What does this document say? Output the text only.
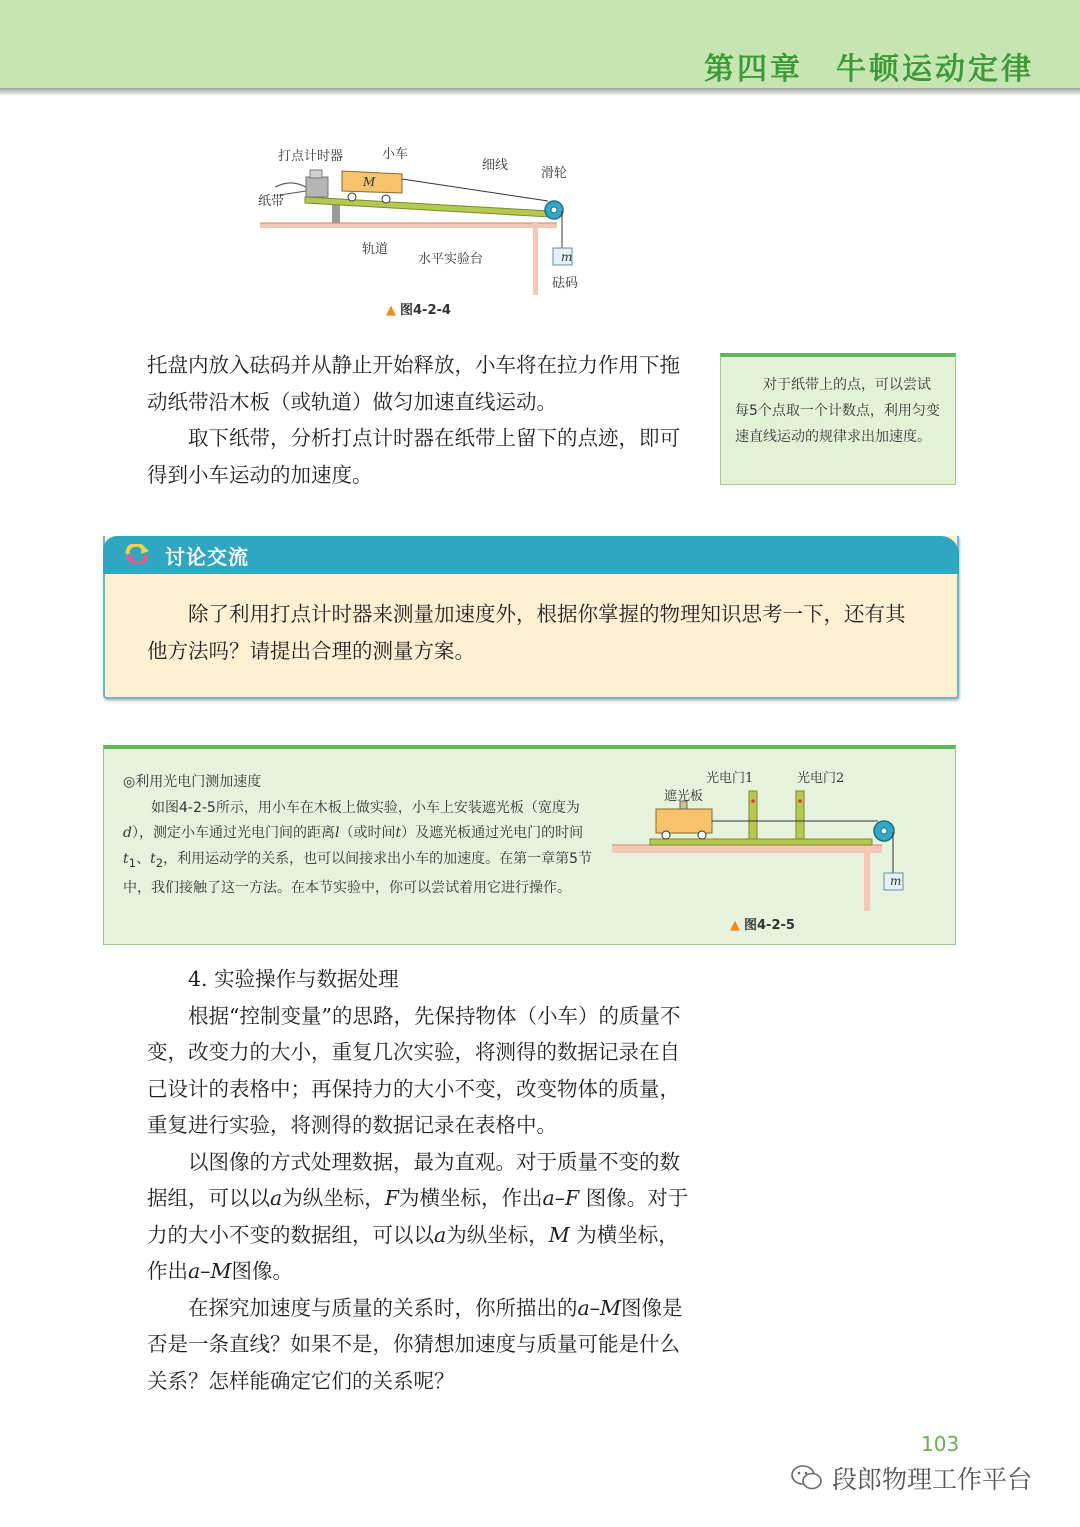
第四章　牛顿运动定律
打点计时器	小车
细线
滑轮
纸带
轨道
水平实验台
砝码
M
m
▲ 图4-2-4

托盘内放入砝码并从静止开始释放，小车将在拉力作用下拖动纸带沿木板（或轨道）做匀加速直线运动。

取下纸带，分析打点计时器在纸带上留下的点迹，即可得到小车运动的加速度。

对于纸带上的点，可以尝试每5个点取一个计数点，利用匀变速直线运动的规律求出加速度。

讨论交流

除了利用打点计时器来测量加速度外，根据你掌握的物理知识思考一下，还有其他方法吗？请提出合理的测量方案。

◎利用光电门测加速度

如图4-2-5所示，用小车在木板上做实验，小车上安装遮光板（宽度为d），测定小车通过光电门间的距离l（或时间t）及遮光板通过光电门的时间$t_1$、$t_2$，利用运动学的关系，也可以间接求出小车的加速度。在第一章第5节中，我们接触了这一方法。在本节实验中，你可以尝试着用它进行操作。

光电门1	光电门2
遮光板
m
▲ 图4-2-5

4. 实验操作与数据处理

根据“控制变量”的思路，先保持物体（小车）的质量不变，改变力的大小，重复几次实验，将测得的数据记录在自己设计的表格中；再保持力的大小不变，改变物体的质量，重复进行实验，将测得的数据记录在表格中。

以图像的方式处理数据，最为直观。对于质量不变的数据组，可以以a为纵坐标，F为横坐标，作出a–F 图像。对于力的大小不变的数据组，可以以a为纵坐标，M 为横坐标，作出a–M图像。

在探究加速度与质量的关系时，你所描出的a–M图像是否是一条直线？如果不是，你猜想加速度与质量可能是什么关系？怎样能确定它们的关系呢？

103
段郎物理工作平台
